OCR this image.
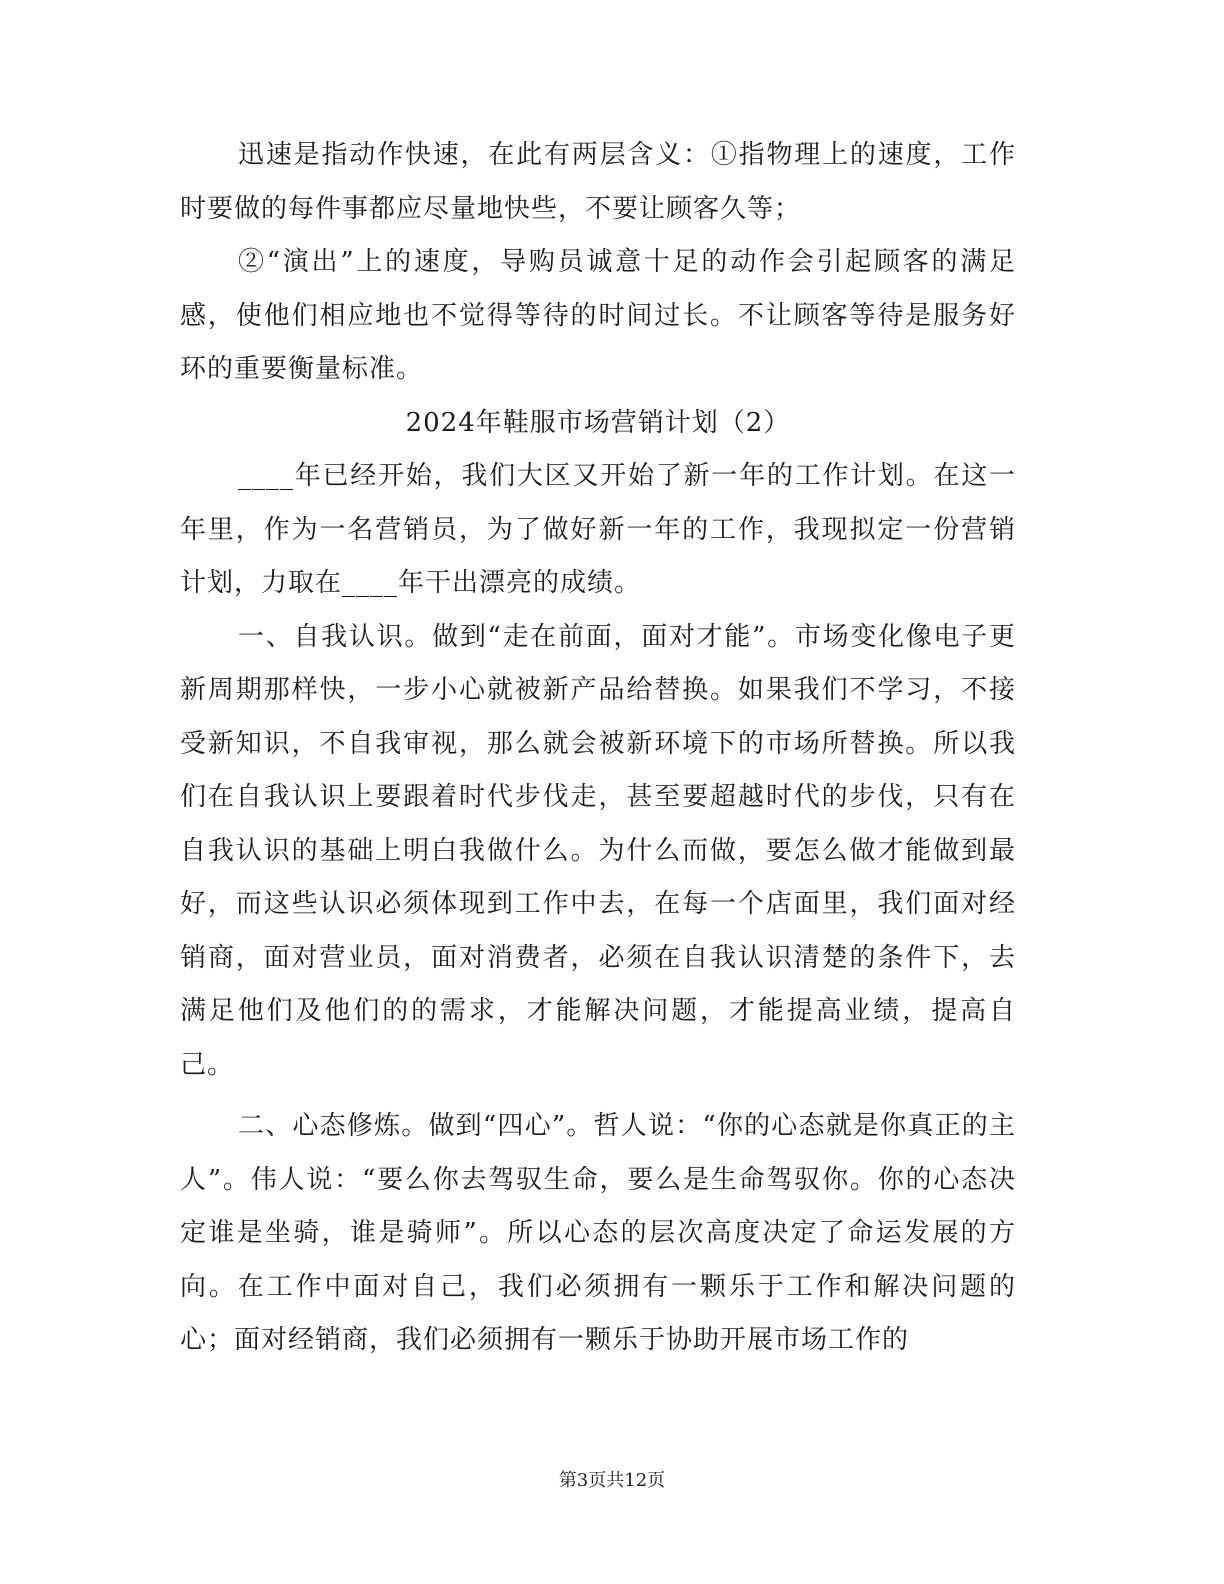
迅速是指动作快速，在此有两层含义：①指物理上的速度，工作时要做的每件事都应尽量地快些，不要让顾客久等；

②“演出”上的速度，导购员诚意十足的动作会引起顾客的满足感，使他们相应地也不觉得等待的时间过长。不让顾客等待是服务好环的重要衡量标准。

2024年鞋服市场营销计划（2）

____年已经开始，我们大区又开始了新一年的工作计划。在这一年里，作为一名营销员，为了做好新一年的工作，我现拟定一份营销计划，力取在____年干出漂亮的成绩。

一、自我认识。做到“走在前面，面对才能”。市场变化像电子更新周期那样快，一步小心就被新产品给替换。如果我们不学习，不接受新知识，不自我审视，那么就会被新环境下的市场所替换。所以我们在自我认识上要跟着时代步伐走，甚至要超越时代的步伐，只有在自我认识的基础上明白我做什么。为什么而做，要怎么做才能做到最好，而这些认识必须体现到工作中去，在每一个店面里，我们面对经销商，面对营业员，面对消费者，必须在自我认识清楚的条件下，去满足他们及他们的的需求，才能解决问题，才能提高业绩，提高自己。

二、心态修炼。做到“四心”。哲人说：“你的心态就是你真正的主人”。伟人说：“要么你去驾驭生命，要么是生命驾驭你。你的心态决定谁是坐骑，谁是骑师”。所以心态的层次高度决定了命运发展的方向。在工作中面对自己，我们必须拥有一颗乐于工作和解决问题的心；面对经销商，我们必须拥有一颗乐于协助开展市场工作的

第3页共12页
